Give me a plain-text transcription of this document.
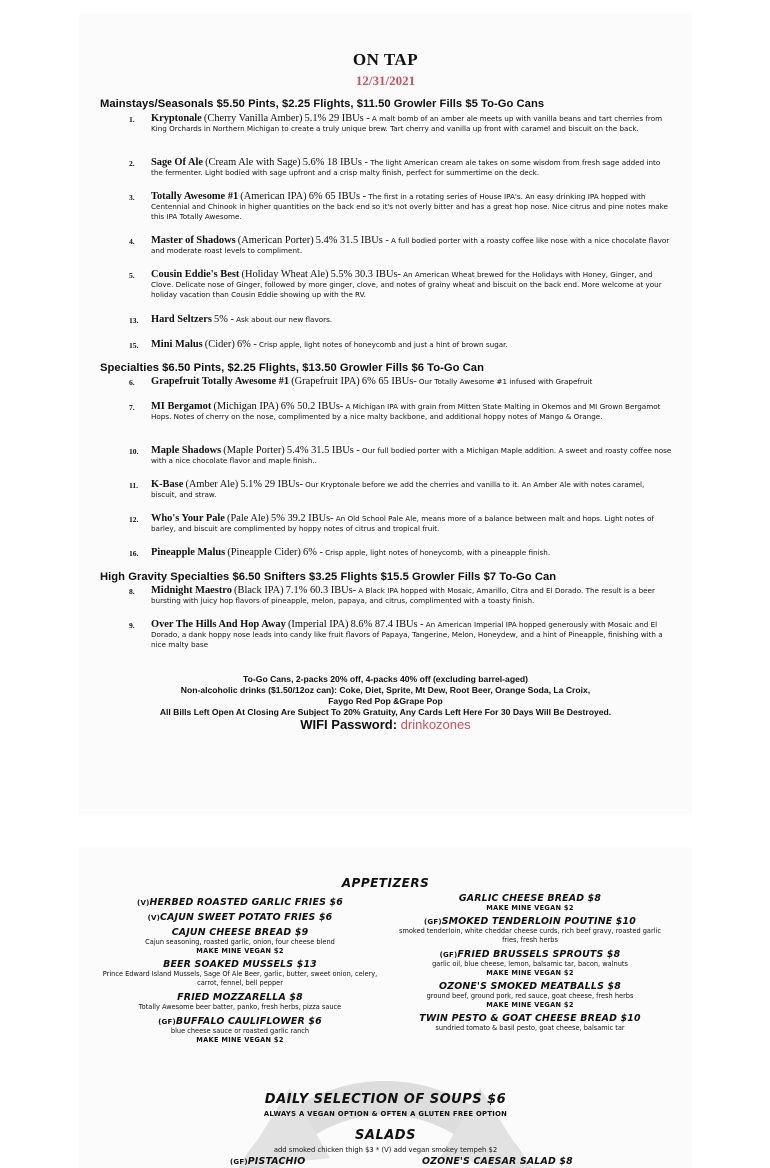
ON TAP
12/31/2021
Mainstays/Seasonals $5.50 Pints, $2.25 Flights, $11.50 Growler Fills $5 To-Go Cans
1. Kryptonale (Cherry Vanilla Amber) 5.1% 29 IBUs - A malt bomb of an amber ale meets up with vanilla beans and tart cherries from King Orchards in Northern Michigan to create a truly unique brew. Tart cherry and vanilla up front with caramel and biscuit on the back.
2. Sage Of Ale (Cream Ale with Sage) 5.6% 18 IBUs - The light American cream ale takes on some wisdom from fresh sage added into the fermenter. Light bodied with sage upfront and a crisp malty finish, perfect for summertime on the deck.
3. Totally Awesome #1 (American IPA) 6% 65 IBUs - The first in a rotating series of House IPA's. An easy drinking IPA hopped with Centennial and Chinook in higher quantities on the back end so it's not overly bitter and has a great hop nose. Nice citrus and pine notes make this IPA Totally Awesome.
4. Master of Shadows (American Porter) 5.4% 31.5 IBUs - A full bodied porter with a roasty coffee like nose with a nice chocolate flavor and moderate roast levels to compliment.
5. Cousin Eddie's Best (Holiday Wheat Ale) 5.5% 30.3 IBUs- An American Wheat brewed for the Holidays with Honey, Ginger, and Clove. Delicate nose of Ginger, followed by more ginger, clove, and notes of grainy wheat and biscuit on the back end. More welcome at your holiday vacation than Cousin Eddie showing up with the RV.
13. Hard Seltzers 5% - Ask about our new flavors.
15. Mini Malus (Cider) 6% - Crisp apple, light notes of honeycomb and just a hint of brown sugar.
Specialties $6.50 Pints, $2.25 Flights, $13.50 Growler Fills $6 To-Go Can
6. Grapefruit Totally Awesome #1 (Grapefruit IPA) 6% 65 IBUs- Our Totally Awesome #1 infused with Grapefruit
7. MI Bergamot (Michigan IPA) 6% 50.2 IBUs- A Michigan IPA with grain from Mitten State Malting in Okemos and MI Grown Bergamot Hops. Notes of cherry on the nose, complimented by a nice malty backbone, and additional hoppy notes of Mango & Orange.
10. Maple Shadows (Maple Porter) 5.4% 31.5 IBUs - Our full bodied porter with a Michigan Maple addition. A sweet and roasty coffee nose with a nice chocolate flavor and maple finish..
11. K-Base (Amber Ale) 5.1% 29 IBUs- Our Kryptonale before we add the cherries and vanilla to it. An Amber Ale with notes caramel, biscuit, and straw.
12. Who's Your Pale (Pale Ale) 5% 39.2 IBUs- An Old School Pale Ale, means more of a balance between malt and hops. Light notes of barley, and biscuit are complimented by hoppy notes of citrus and tropical fruit.
16. Pineapple Malus (Pineapple Cider) 6% - Crisp apple, light notes of honeycomb, with a pineapple finish.
High Gravity Specialties $6.50 Snifters $3.25 Flights $15.5 Growler Fills $7 To-Go Can
8. Midnight Maestro (Black IPA) 7.1% 60.3 IBUs- A Black IPA hopped with Mosaic, Amarillo, Citra and El Dorado. The result is a beer bursting with juicy hop flavors of pineapple, melon, papaya, and citrus, complimented with a toasty finish.
9. Over The Hills And Hop Away (Imperial IPA) 8.6% 87.4 IBUs - An American Imperial IPA hopped generously with Mosaic and El Dorado, a dank hoppy nose leads into candy like fruit flavors of Papaya, Tangerine, Melon, Honeydew, and a hint of Pineapple, finishing with a nice malty base
To-Go Cans, 2-packs 20% off, 4-packs 40% off (excluding barrel-aged)
Non-alcoholic drinks ($1.50/12oz can): Coke, Diet, Sprite, Mt Dew, Root Beer, Orange Soda, La Croix,
Faygo Red Pop &Grape Pop
All Bills Left Open At Closing Are Subject To 20% Gratuity, Any Cards Left Here For 30 Days Will Be Destroyed.
WIFI Password: drinkozones
APPETIZERS
(V)HERBED ROASTED GARLIC FRIES $6
(V)CAJUN SWEET POTATO FRIES $6
CAJUN CHEESE BREAD $9
Cajun seasoning, roasted garlic, onion, four cheese blend
MAKE MINE VEGAN $2
BEER SOAKED MUSSELS $13
Prince Edward Island Mussels, Sage Of Ale Beer, garlic, butter, sweet onion, celery, carrot, fennel, bell pepper
FRIED MOZZARELLA $8
Totally Awesome beer batter, panko, fresh herbs, pizza sauce
(GF)BUFFALO CAULIFLOWER $6
blue cheese sauce or roasted garlic ranch
MAKE MINE VEGAN $2
GARLIC CHEESE BREAD $8
MAKE MINE VEGAN $2
(GF)SMOKED TENDERLOIN POUTINE $10
smoked tenderloin, white cheddar cheese curds, rich beef gravy, roasted garlic fries, fresh herbs
(GF)FRIED BRUSSELS SPROUTS $8
garlic oil, blue cheese, lemon, balsamic tar, bacon, walnuts
MAKE MINE VEGAN $2
OZONE'S SMOKED MEATBALLS $8
ground beef, ground pork, red sauce, goat cheese, fresh herbs
MAKE MINE VEGAN $2
TWIN PESTO & GOAT CHEESE BREAD $10
sundried tomato & basil pesto, goat cheese, balsamic tar
DAILY SELECTION OF SOUPS $6
ALWAYS A VEGAN OPTION & OFTEN A GLUTEN FREE OPTION
SALADS
add smoked chicken thigh $3 * (V) add vegan smokey tempeh $2
(GF)PISTACHIO	OZONE'S CAESAR SALAD $8
